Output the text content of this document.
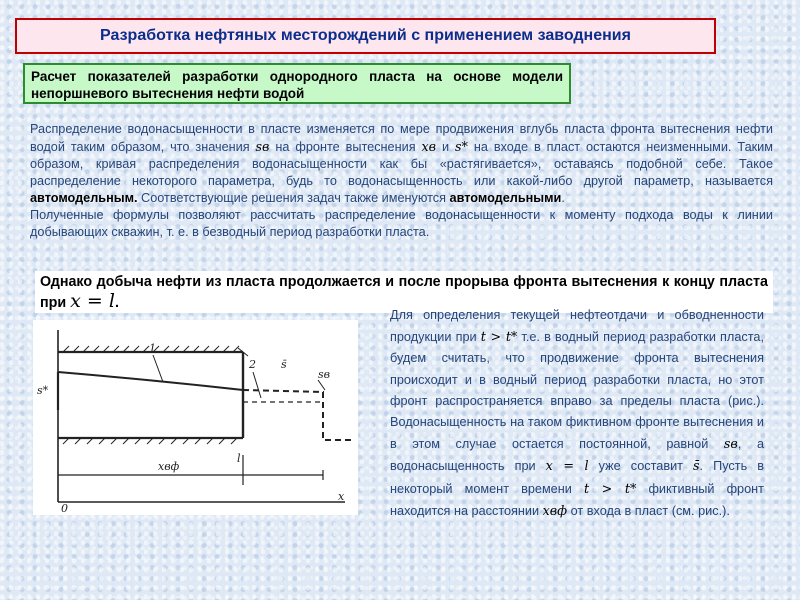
Разработка нефтяных месторождений с применением заводнения
Расчет показателей разработки однородного пласта на основе модели непоршневого вытеснения нефти водой
Распределение водонасыщенности в пласте изменяется по мере продвижения вглубь пласта фронта вытеснения нефти водой таким образом, что значения sв на фронте вытеснения xв и s* на входе в пласт остаются неизменными. Таким образом, кривая распределения водонасыщенности как бы «растягивается», оставаясь подобной себе. Такое распределение некоторого параметра, будь то водонасыщенность или какой-либо другой параметр, называется автомодельным. Соответствующие решения задач также именуются автомодельными.
Полученные формулы позволяют рассчитать распределение водонасыщенности к моменту подхода воды к линии добывающих скважин, т. е. в безводный период разработки пласта.
Однако добыча нефти из пласта продолжается и после прорыва фронта вытеснения к концу пласта при x = l.
s*
1
2 s̄
sв
l
xвф
x
0
Для определения текущей нефтеотдачи и обводненности продукции при t > t* т.е. в водный период разработки пласта, будем считать, что продвижение фронта вытеснения происходит и в водный период разработки пласта, но этот фронт распространяется вправо за пределы пласта (рис.). Водонасыщенность на таком фиктивном фронте вытеснения и в этом случае остается постоянной, равной sв, а водонасыщенность при x = l уже составит s̄. Пусть в некоторый момент времени t > t* фиктивный фронт находится на расстоянии xвф от входа в пласт (см. рис.).
